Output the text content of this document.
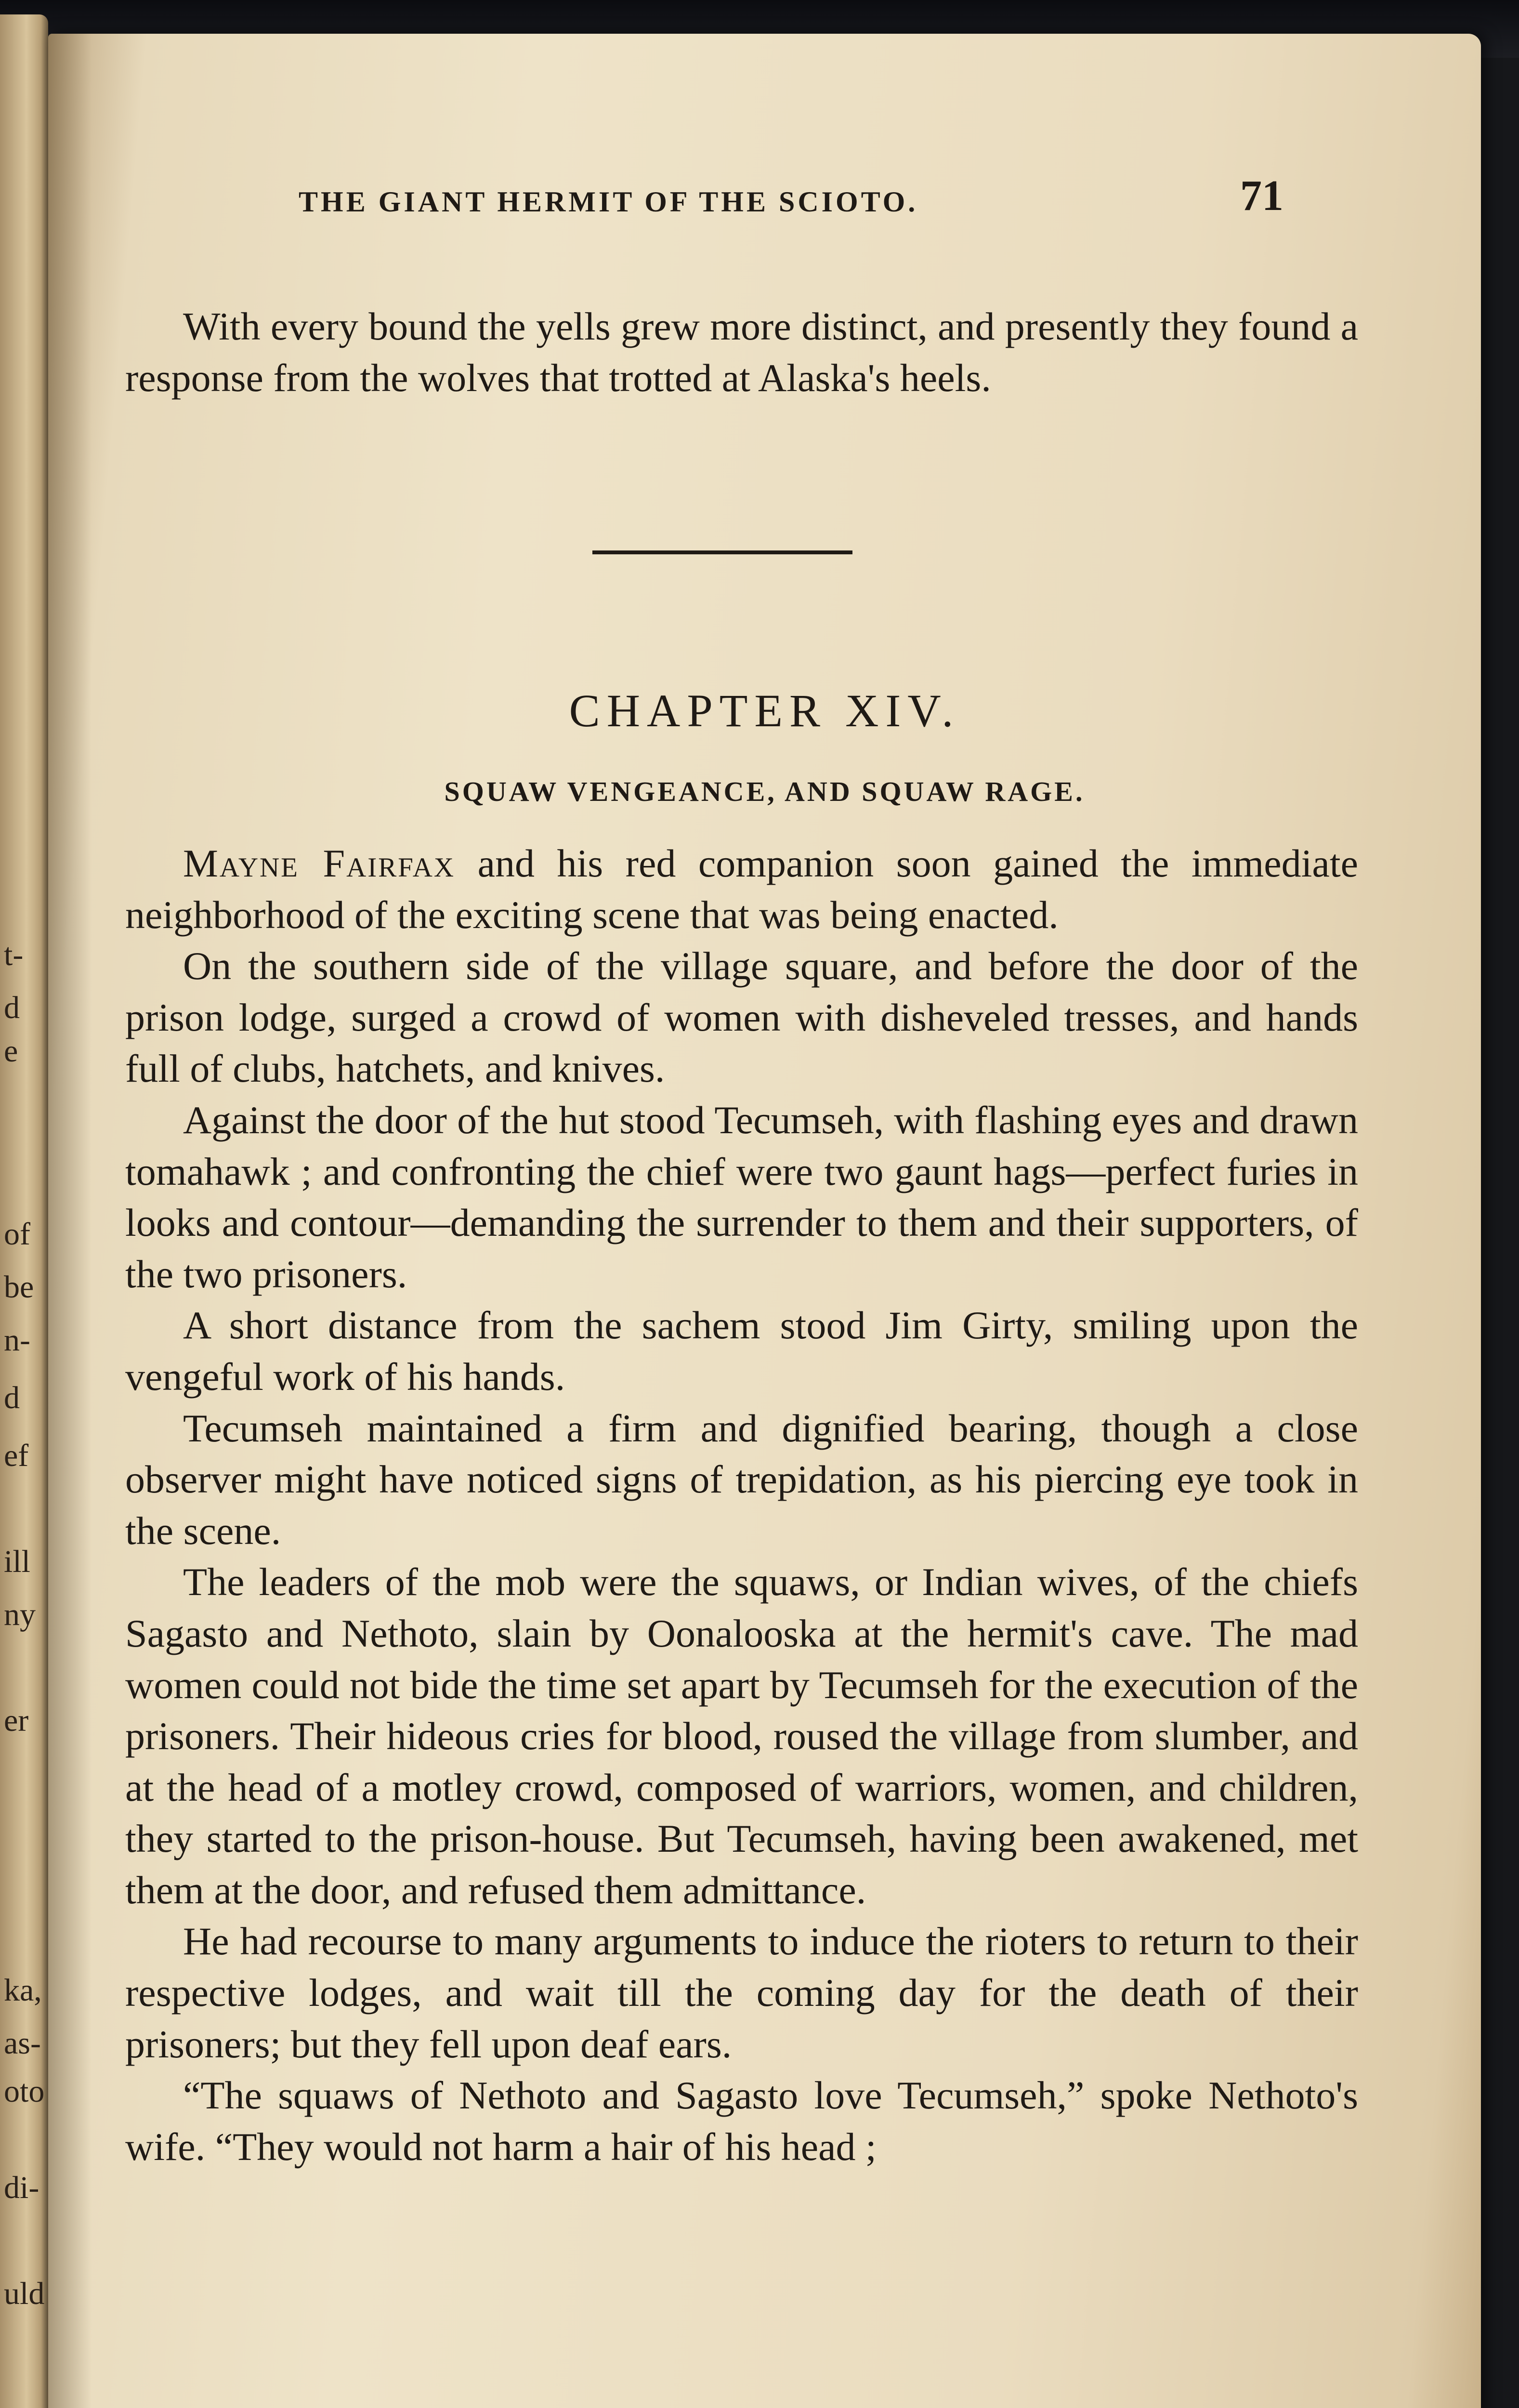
t-
d
e
of
be
n-
d
ef
ill
ny
er
ka,
as-
oto
di-
uld
THE GIANT HERMIT OF THE SCIOTO.	71

With every bound the yells grew more distinct, and presently they found a response from the wolves that trotted at Alaska's heels.

CHAPTER XIV.
SQUAW VENGEANCE, AND SQUAW RAGE.

Mayne Fairfax and his red companion soon gained the immediate neighborhood of the exciting scene that was being enacted.

On the southern side of the village square, and before the door of the prison lodge, surged a crowd of women with disheveled tresses, and hands full of clubs, hatchets, and knives.

Against the door of the hut stood Tecumseh, with flashing eyes and drawn tomahawk ; and confronting the chief were two gaunt hags—perfect furies in looks and contour—demanding the surrender to them and their supporters, of the two prisoners.

A short distance from the sachem stood Jim Girty, smiling upon the vengeful work of his hands.

Tecumseh maintained a firm and dignified bearing, though a close observer might have noticed signs of trepidation, as his piercing eye took in the scene.

The leaders of the mob were the squaws, or Indian wives, of the chiefs Sagasto and Nethoto, slain by Oonalooska at the hermit's cave. The mad women could not bide the time set apart by Tecumseh for the execution of the prisoners. Their hideous cries for blood, roused the village from slumber, and at the head of a motley crowd, composed of warriors, women, and children, they started to the prison-house. But Tecumseh, having been awakened, met them at the door, and refused them admittance.

He had recourse to many arguments to induce the rioters to return to their respective lodges, and wait till the coming day for the death of their prisoners; but they fell upon deaf ears.

“The squaws of Nethoto and Sagasto love Tecumseh,” spoke Nethoto's wife. “They would not harm a hair of his head ;
